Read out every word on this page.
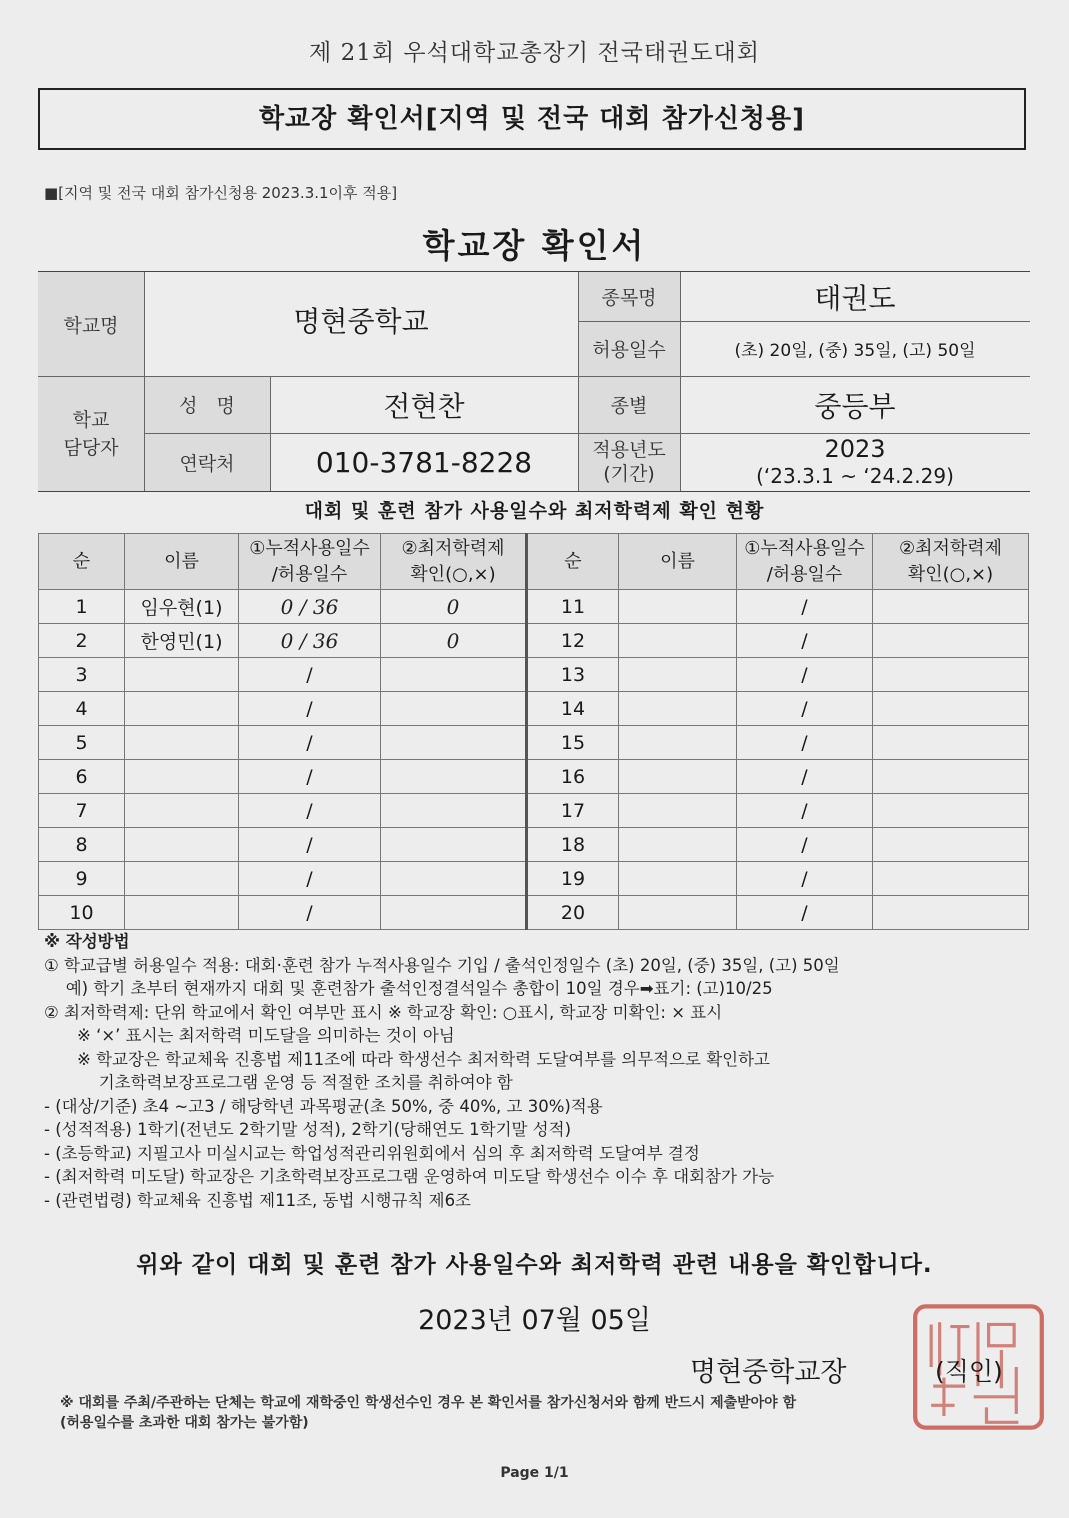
제 21회 우석대학교총장기 전국태권도대회
학교장 확인서[지역 및 전국 대회 참가신청용]
■[지역 및 전국 대회 참가신청용 2023.3.1이후 적용]
학교장 확인서
학교명	명현중학교
종목명	태권도
허용일수	(초) 20일, (중) 35일, (고) 50일
학교
담당자
성　명	전현찬	종별	중등부
연락처	010-3781-8228	적용년도
(기간)
2023
(‘23.3.1 ~ ‘24.2.29)
대회 및 훈련 참가 사용일수와 최저학력제 확인 현황
순	이름	①누적사용일수
/허용일수	②최저학력제
확인(○,×)	순	이름	①누적사용일수
/허용일수	②최저학력제
확인(○,×)
1	임우현(1)	0 / 36	0	11		/	
2	한영민(1)	0 / 36	0	12		/	
3		/		13		/	
4		/		14		/	
5		/		15		/	
6		/		16		/	
7		/		17		/	
8		/		18		/	
9		/		19		/	
10		/		20		/	
※ 작성방법
① 학교급별 허용일수 적용: 대회·훈련 참가 누적사용일수 기입 / 출석인정일수 (초) 20일, (중) 35일, (고) 50일
　 예) 학기 초부터 현재까지 대회 및 훈련참가 출석인정결석일수 총합이 10일 경우➡표기: (고)10/25
② 최저학력제: 단위 학교에서 확인 여부만 표시 ※ 학교장 확인: ○표시, 학교장 미확인: × 표시
　　※ ‘×’ 표시는 최저학력 미도달을 의미하는 것이 아님
　　※ 학교장은 학교체육 진흥법 제11조에 따라 학생선수 최저학력 도달여부를 의무적으로 확인하고
　　　 기초학력보장프로그램 운영 등 적절한 조치를 취하여야 함
- (대상/기준) 초4 ~고3 / 해당학년 과목평균(초 50%, 중 40%, 고 30%)적용
- (성적적용) 1학기(전년도 2학기말 성적), 2학기(당해연도 1학기말 성적)
- (초등학교) 지필고사 미실시교는 학업성적관리위원회에서 심의 후 최저학력 도달여부 결정
- (최저학력 미도달) 학교장은 기초학력보장프로그램 운영하여 미도달 학생선수 이수 후 대회참가 가능
- (관련법령) 학교체육 진흥법 제11조, 동법 시행규칙 제6조
위와 같이 대회 및 훈련 참가 사용일수와 최저학력 관련 내용을 확인합니다.
2023년 07월 05일
명현중학교장	(직인)
※ 대회를 주최/주관하는 단체는 학교에 재학중인 학생선수인 경우 본 확인서를 참가신청서와 함께 반드시 제출받아야 함
(허용일수를 초과한 대회 참가는 불가함)
Page 1/1
